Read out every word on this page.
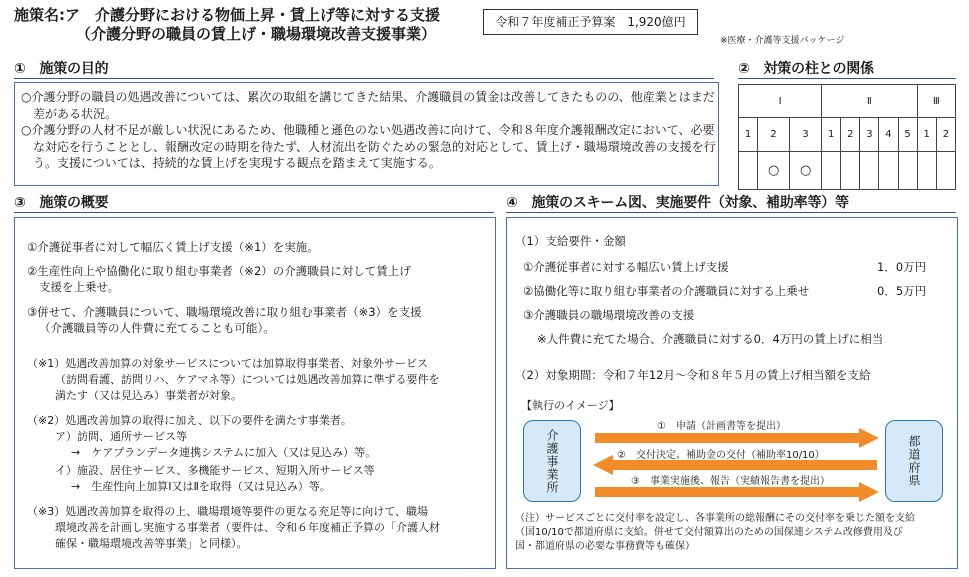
施策名:ア　介護分野における物価上昇・賃上げ等に対する支援
（介護分野の職員の賃上げ・職場環境改善支援事業）
令和７年度補正予算案　1,920億円
※医療・介護等支援パッケージ
①　施策の目的
○介護分野の職員の処遇改善については、累次の取組を講じてきた結果、介護職員の賃金は改善してきたものの、他産業とはまだ差がある状況。
○介護分野の人材不足が厳しい状況にあるため、他職種と遜色のない処遇改善に向けて、令和８年度介護報酬改定において、必要な対応を行うこととし、報酬改定の時期を待たず、人材流出を防ぐための緊急的対応として、賃上げ・職場環境改善の支援を行う。支援については、持続的な賃上げを実現する観点を踏まえて実施する。
②　対策の柱との関係
Ⅰ			Ⅱ					Ⅲ	
1	2	3	1	2	3	4	5	1	2
	○	○							
③　施策の概要
①介護従事者に対して幅広く賃上げ支援（※1）を実施。
②生産性向上や協働化に取り組む事業者（※2）の介護職員に対して賃上げ
支援を上乗せ。
③併せて、介護職員について、職場環境改善に取り組む事業者（※3）を支援
（介護職員等の人件費に充てることも可能）。
（※1）処遇改善加算の対象サービスについては加算取得事業者、対象外サービス
（訪問看護、訪問リハ、ケアマネ等）については処遇改善加算に準ずる要件を
満たす（又は見込み）事業者が対象。
（※2）処遇改善加算の取得に加え、以下の要件を満たす事業者。
ア）訪問、通所サービス等
→　ケアプランデータ連携システムに加入（又は見込み）等。
イ）施設、居住サービス、多機能サービス、短期入所サービス等
→　生産性向上加算Ⅰ又はⅡを取得（又は見込み）等。
（※3）処遇改善加算を取得の上、職場環境等要件の更なる充足等に向けて、職場
環境改善を計画し実施する事業者（要件は、令和６年度補正予算の「介護人材
確保・職場環境改善等事業」と同様）。
④　施策のスキーム図、実施要件（対象、補助率等）等
（1）支給要件・金額
①介護従事者に対する幅広い賃上げ支援	1．0万円
②協働化等に取り組む事業者の介護職員に対する上乗せ	0．5万円
③介護職員の職場環境改善の支援
※人件費に充てた場合、介護職員に対する0．4万円の賃上げに相当
（2）対象期間：令和７年12月～令和８年５月の賃上げ相当額を支給
【執行のイメージ】
介護事業所	都道府県
①　申請（計画書等を提出）
②　交付決定、補助金の交付（補助率10/10）
③　事業実施後、報告（実績報告書を提出）
（注）サービスごとに交付率を設定し、各事業所の総報酬にその交付率を乗じた額を支給
（国10/10で都道府県に支給。併せて交付額算出のための国保連システム改修費用及び
国・都道府県の必要な事務費等も確保）
